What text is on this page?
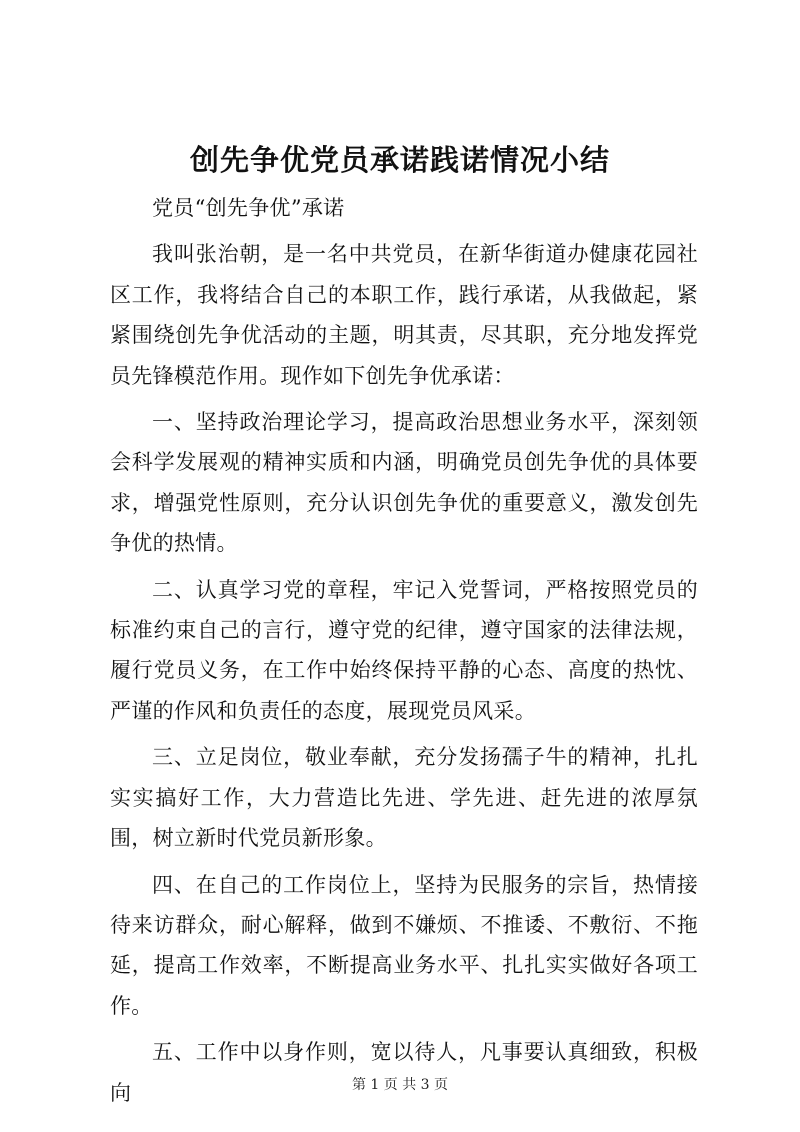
创先争优党员承诺践诺情况小结

党员“创先争优”承诺

我叫张治朝，是一名中共党员，在新华街道办健康花园社区工作，我将结合自己的本职工作，践行承诺，从我做起，紧紧围绕创先争优活动的主题，明其责，尽其职，充分地发挥党员先锋模范作用。现作如下创先争优承诺：

一、坚持政治理论学习，提高政治思想业务水平，深刻领会科学发展观的精神实质和内涵，明确党员创先争优的具体要求，增强党性原则，充分认识创先争优的重要意义，激发创先争优的热情。

二、认真学习党的章程，牢记入党誓词，严格按照党员的标准约束自己的言行，遵守党的纪律，遵守国家的法律法规，履行党员义务，在工作中始终保持平静的心态、高度的热忱、严谨的作风和负责任的态度，展现党员风采。

三、立足岗位，敬业奉献，充分发扬孺子牛的精神，扎扎实实搞好工作，大力营造比先进、学先进、赶先进的浓厚氛围，树立新时代党员新形象。

四、在自己的工作岗位上，坚持为民服务的宗旨，热情接待来访群众，耐心解释，做到不嫌烦、不推诿、不敷衍、不拖延，提高工作效率，不断提高业务水平、扎扎实实做好各项工作。

五、工作中以身作则，宽以待人，凡事要认真细致，积极向	第 1 页 共 3 页
